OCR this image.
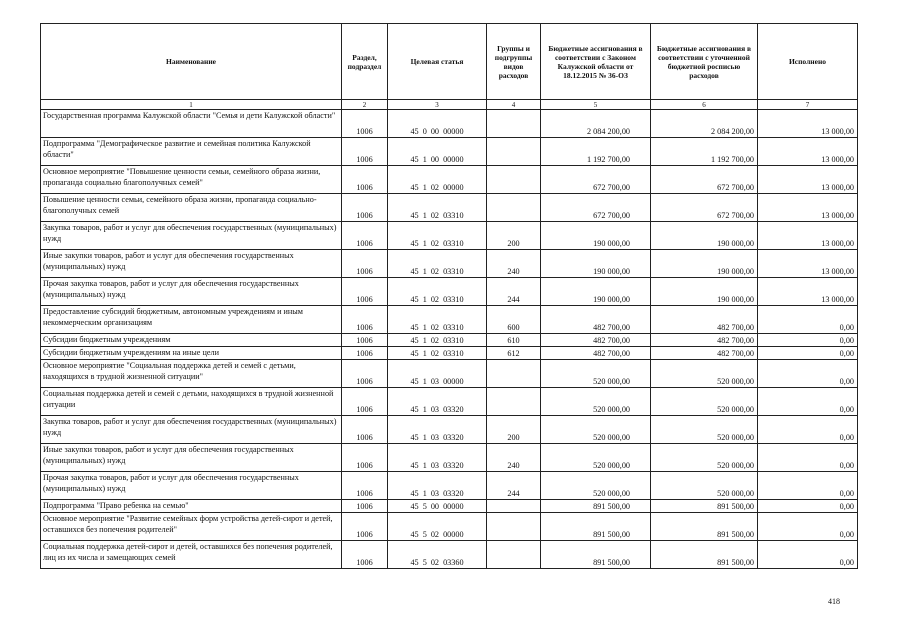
Наименование	Раздел, подраздел	Целевая статья	Группы и подгруппы видов расходов	Бюджетные ассигнования в соответствии с Законом Калужской области от 18.12.2015 № 36-ОЗ	Бюджетные ассигнования в соответствии с уточненной бюджетной росписью расходов	Исполнено
1	2	3	4	5	6	7
Государственная программа Калужской области "Семья и дети Калужской области"	1006	45 0 00 00000		2 084 200,00	2 084 200,00	13 000,00
Подпрограмма "Демографическое развитие и семейная политика Калужской области"	1006	45 1 00 00000		1 192 700,00	1 192 700,00	13 000,00
Основное мероприятие "Повышение ценности семьи, семейного образа жизни, пропаганда социально благополучных семей"	1006	45 1 02 00000		672 700,00	672 700,00	13 000,00
Повышение ценности семьи, семейного образа жизни, пропаганда социально-благополучных семей	1006	45 1 02 03310		672 700,00	672 700,00	13 000,00
Закупка товаров, работ и услуг для обеспечения государственных (муниципальных) нужд	1006	45 1 02 03310	200	190 000,00	190 000,00	13 000,00
Иные закупки товаров, работ и услуг для обеспечения государственных (муниципальных) нужд	1006	45 1 02 03310	240	190 000,00	190 000,00	13 000,00
Прочая закупка товаров, работ и услуг для обеспечения государственных (муниципальных) нужд	1006	45 1 02 03310	244	190 000,00	190 000,00	13 000,00
Предоставление субсидий бюджетным, автономным учреждениям и иным некоммерческим организациям	1006	45 1 02 03310	600	482 700,00	482 700,00	0,00
Субсидии бюджетным учреждениям	1006	45 1 02 03310	610	482 700,00	482 700,00	0,00
Субсидии бюджетным учреждениям на иные цели	1006	45 1 02 03310	612	482 700,00	482 700,00	0,00
Основное мероприятие "Социальная поддержка детей и семей с детьми, находящихся в трудной жизненной ситуации"	1006	45 1 03 00000		520 000,00	520 000,00	0,00
Социальная поддержка детей и семей с детьми, находящихся в трудной жизненной ситуации	1006	45 1 03 03320		520 000,00	520 000,00	0,00
Закупка товаров, работ и услуг для обеспечения государственных (муниципальных) нужд	1006	45 1 03 03320	200	520 000,00	520 000,00	0,00
Иные закупки товаров, работ и услуг для обеспечения государственных (муниципальных) нужд	1006	45 1 03 03320	240	520 000,00	520 000,00	0,00
Прочая закупка товаров, работ и услуг для обеспечения государственных (муниципальных) нужд	1006	45 1 03 03320	244	520 000,00	520 000,00	0,00
Подпрограмма "Право ребенка на семью"	1006	45 5 00 00000		891 500,00	891 500,00	0,00
Основное мероприятие "Развитие семейных форм устройства детей-сирот и детей, оставшихся без попечения родителей"	1006	45 5 02 00000		891 500,00	891 500,00	0,00
Социальная поддержка детей-сирот и детей, оставшихся без попечения родителей, лиц из их числа и замещающих семей	1006	45 5 02 03360		891 500,00	891 500,00	0,00
418
